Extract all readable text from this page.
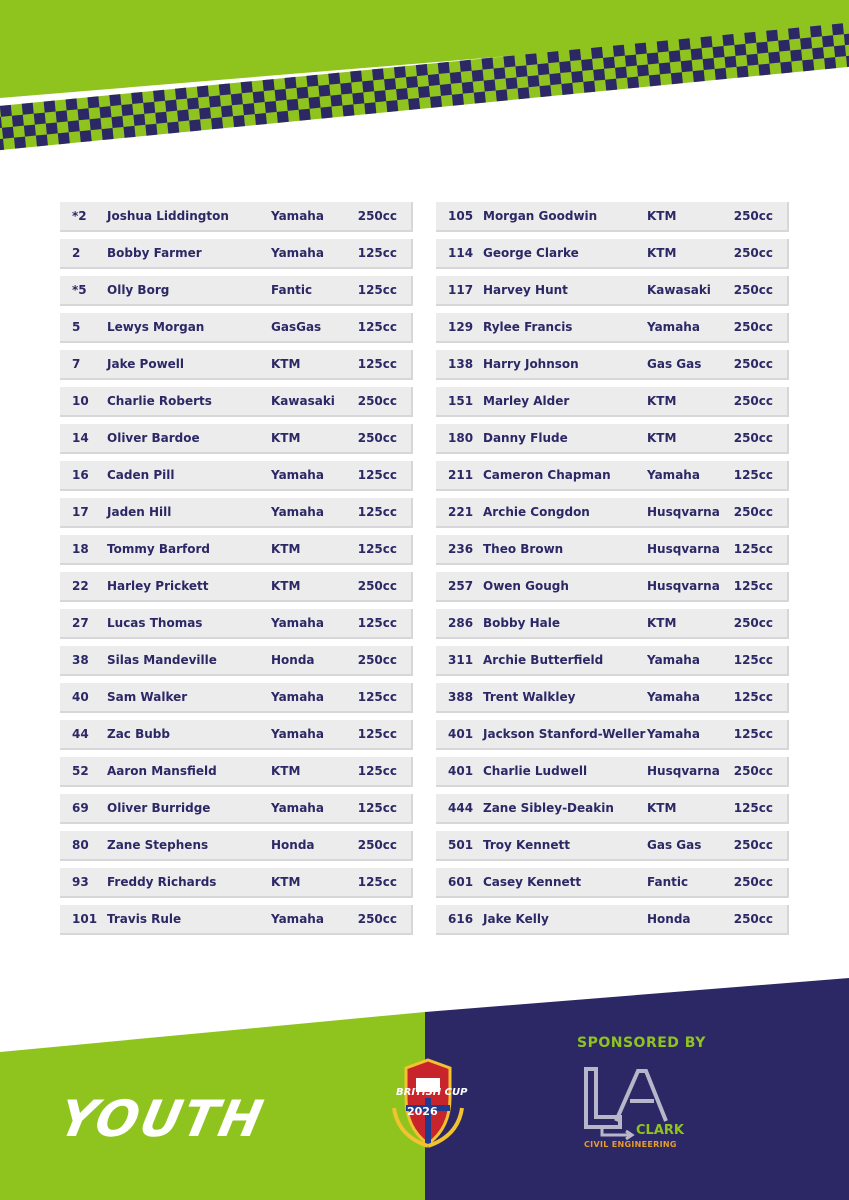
*2 Joshua Liddington	Yamaha	250cc
2 Bobby Farmer	Yamaha	125cc
*5 Olly Borg	Fantic	125cc
5 Lewys Morgan	GasGas	125cc
7 Jake Powell	KTM	125cc
10 Charlie Roberts	Kawasaki 250cc
14 Oliver Bardoe	KTM	250cc
16 Caden Pill	Yamaha	125cc
17 Jaden Hill	Yamaha	125cc
18 Tommy Barford	KTM	125cc
22 Harley Prickett	KTM	250cc
27 Lucas Thomas	Yamaha	125cc
38 Silas Mandeville	Honda	250cc
40 Sam Walker	Yamaha	125cc
44 Zac Bubb	Yamaha	125cc
52 Aaron Mansfield	KTM	125cc
69 Oliver Burridge	Yamaha	125cc
80 Zane Stephens	Honda	250cc
93 Freddy Richards	KTM	125cc
101 Travis Rule	Yamaha	250cc
105 Morgan Goodwin	KTM	250cc
114 George Clarke	KTM	250cc
117 Harvey Hunt	Kawasaki 250cc
129 Rylee Francis	Yamaha	250cc
138 Harry Johnson	Gas Gas	250cc
151 Marley Alder	KTM	250cc
180 Danny Flude	KTM	250cc
211 Cameron Chapman	Yamaha	125cc
221 Archie Congdon	Husqvarna 250cc
236 Theo Brown	Husqvarna 125cc
257 Owen Gough	Husqvarna 125cc
286 Bobby Hale	KTM	250cc
311 Archie Butterfield	Yamaha	125cc
388 Trent Walkley	Yamaha	125cc
401 Jackson Stanford-Weller Yamaha	125cc
401 Charlie Ludwell	Husqvarna 250cc
444 Zane Sibley-Deakin	KTM	125cc
501 Troy Kennett	Gas Gas	250cc
601 Casey Kennett	Fantic	250cc
616 Jake Kelly	Honda	250cc
YOUTH	BRITISH CUP
2026
SPONSORED BY
CLARK
CIVIL ENGINEERING
